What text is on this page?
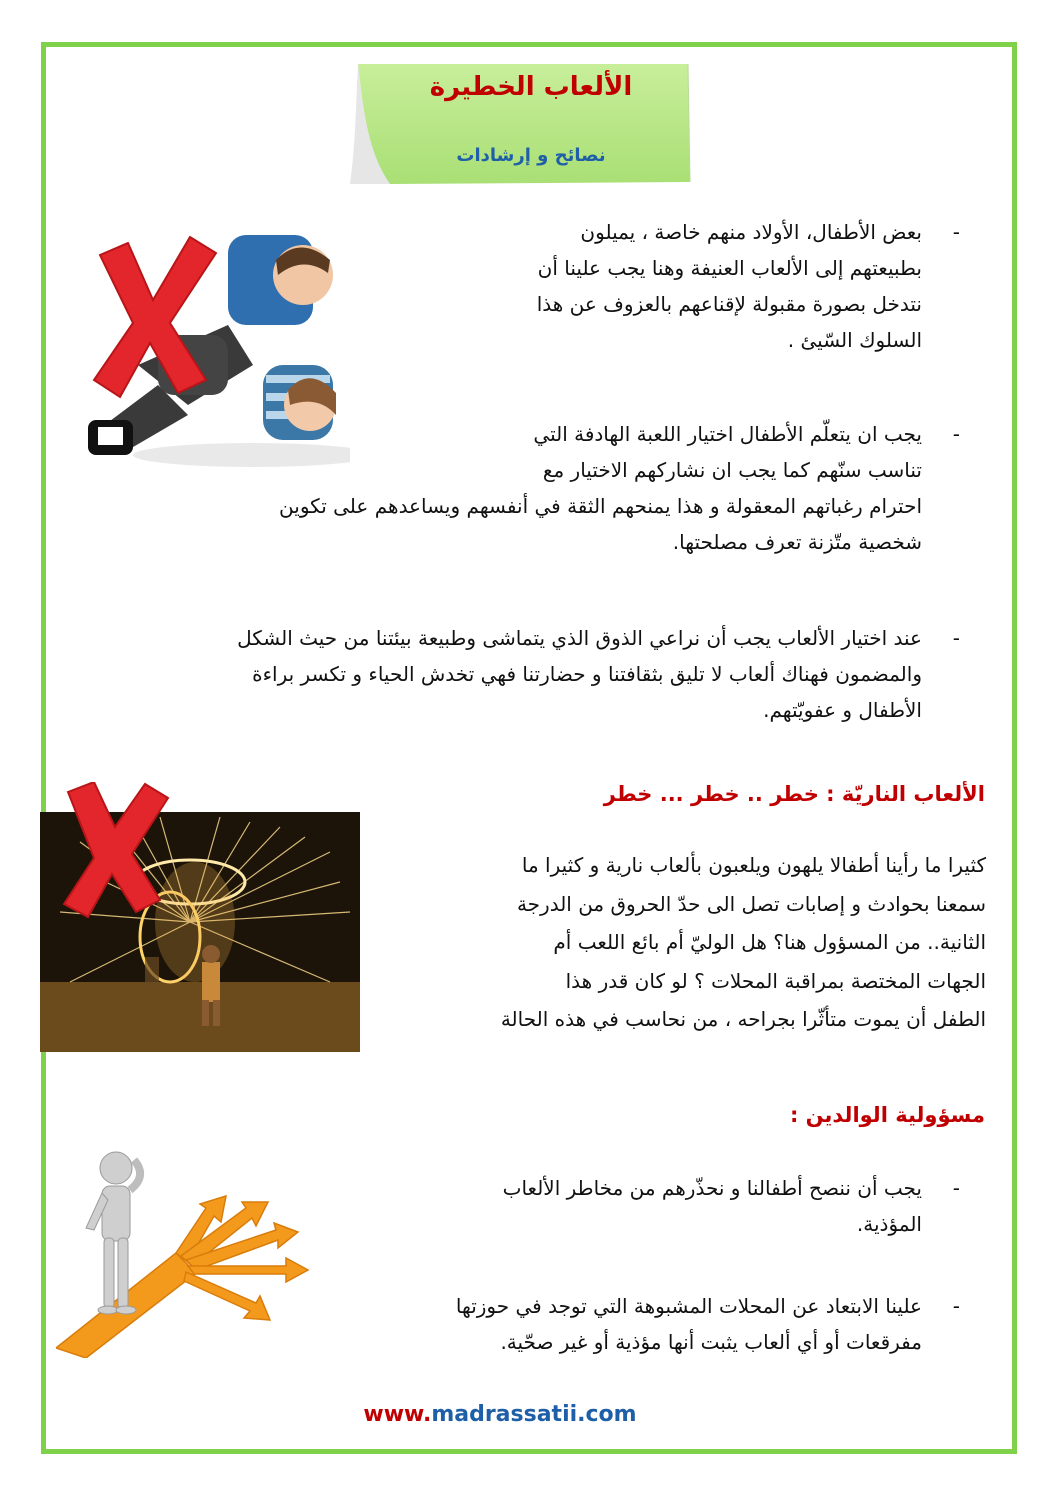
الألعاب الخطيرة
نصائح و إرشادات
-
بعض الأطفال، الأولاد منهم خاصة ، يميلون
بطبيعتهم إلى الألعاب العنيفة وهنا يجب علينا أن
نتدخل بصورة مقبولة لإقناعهم بالعزوف عن هذا
السلوك السّيئ .
-
يجب ان يتعلّم الأطفال اختيار اللعبة الهادفة التي
تناسب سنّهم كما يجب ان نشاركهم الاختيار مع
احترام رغباتهم المعقولة و هذا يمنحهم الثقة في أنفسهم ويساعدهم على تكوين
شخصية متّزنة تعرف مصلحتها.
-
عند اختيار الألعاب يجب أن نراعي الذوق الذي يتماشى وطبيعة بيئتنا من حيث الشكل
والمضمون فهناك ألعاب لا تليق بثقافتنا و حضارتنا فهي تخدش الحياء و تكسر براءة
الأطفال و عفويّتهم.
الألعاب الناريّة : خطر .. خطر ... خطر
كثيرا ما رأينا أطفالا يلهون ويلعبون بألعاب نارية و كثيرا ما
سمعنا بحوادث و إصابات تصل الى حدّ الحروق من الدرجة
الثانية.. من المسؤول هنا؟ هل الوليّ أم بائع اللعب أم
الجهات المختصة بمراقبة المحلات ؟ لو كان قدر هذا
الطفل أن يموت متأثّرا بجراحه ، من نحاسب في هذه الحالة
مسؤولية الوالدين :
-
يجب أن ننصح أطفالنا و نحذّرهم من مخاطر الألعاب
المؤذية.
-
علينا الابتعاد عن المحلات المشبوهة التي توجد في حوزتها
مفرقعات أو أي ألعاب يثبت أنها مؤذية أو غير صحّية.
www.madrassatii.com
